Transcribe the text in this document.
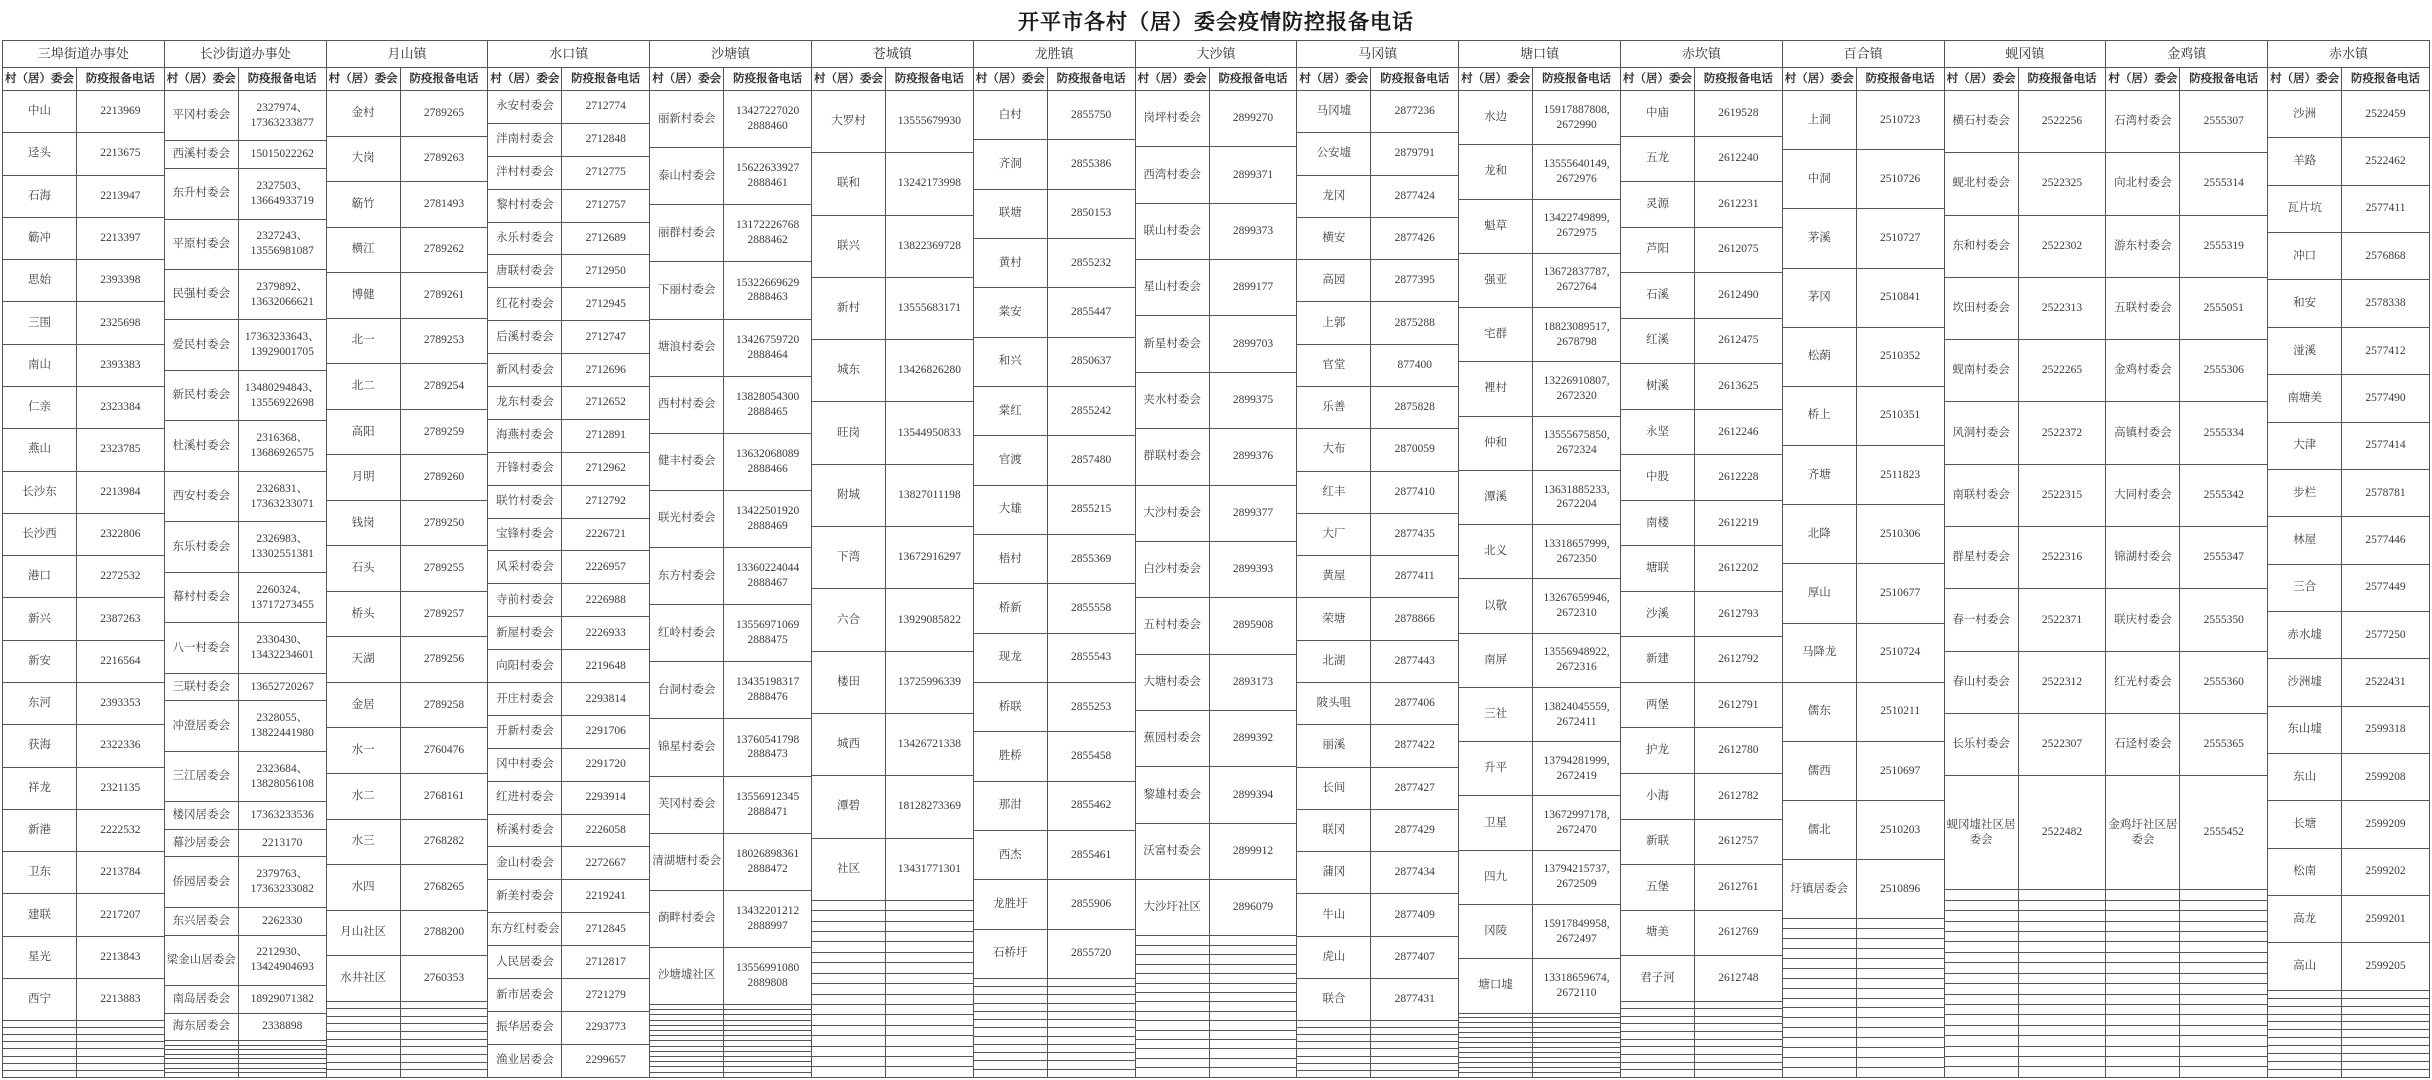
开平市各村（居）委会疫情防控报备电话
三埠街道办事处	
村（居）委会	防疫报备电话
中山	2213969
迳头	2213675
石海	2213947
簕冲	2213397
思始	2393398
三围	2325698
南山	2393383
仁亲	2323384
燕山	2323785
长沙东	2213984
长沙西	2322806
港口	2272532
新兴	2387263
新安	2216564
东河	2393353
获海	2322336
祥龙	2321135
新港	2222532
卫东	2213784
建联	2217207
星光	2213843
西宁	2213883

长沙街道办事处	
村（居）委会	防疫报备电话
平冈村委会	2327974、
17363233877
西溪村委会	15015022262
东升村委会	2327503、
13664933719
平原村委会	2327243、
13556981087
民强村委会	2379892、
13632066621
爱民村委会	17363233643、
13929001705
新民村委会	13480294843、
13556922698
杜溪村委会	2316368、
13686926575
西安村委会	2326831、
17363233071
东乐村委会	2326983、
13302551381
幕村村委会	2260324、
13717273455
八一村委会	2330430、
13432234601
三联村委会	13652720267
冲澄居委会	2328055、
13822441980
三江居委会	2323684、
13828056108
楼冈居委会	17363233536
幕沙居委会	2213170
侨园居委会	2379763、
17363233082
东兴居委会	2262330
梁金山居委会	2212930、
13424904693
南岛居委会	18929071382
海东居委会	2338898

月山镇	
村（居）委会	防疫报备电话
金村	2789265
大岗	2789263
簕竹	2781493
横江	2789262
博健	2789261
北一	2789253
北二	2789254
高阳	2789259
月明	2789260
钱岗	2789250
石头	2789255
桥头	2789257
天湖	2789256
金居	2789258
水一	2760476
水二	2768161
水三	2768282
水四	2768265
月山社区	2788200
水井社区	2760353

水口镇	
村（居）委会	防疫报备电话
永安村委会	2712774
泮南村委会	2712848
泮村村委会	2712775
黎村村委会	2712757
永乐村委会	2712689
唐联村委会	2712950
红花村委会	2712945
后溪村委会	2712747
新风村委会	2712696
龙东村委会	2712652
海燕村委会	2712891
开锋村委会	2712962
联竹村委会	2712792
宝锋村委会	2226721
风采村委会	2226957
寺前村委会	2226988
新屋村委会	2226933
向阳村委会	2219648
开庄村委会	2293814
开新村委会	2291706
冈中村委会	2291720
红进村委会	2293914
桥溪村委会	2226058
金山村委会	2272667
新美村委会	2219241
东方红村委会	2712845
人民居委会	2712817
新市居委会	2721279
振华居委会	2293773
渔业居委会	2299657
沙塘镇	
村（居）委会	防疫报备电话
丽新村委会	13427227020
2888460
泰山村委会	15622633927
2888461
丽群村委会	13172226768
2888462
下丽村委会	15322669629
2888463
塘浪村委会	13426759720
2888464
西村村委会	13828054300
2888465
健丰村委会	13632068089
2888466
联光村委会	13422501920
2888469
东方村委会	13360224044
2888467
红岭村委会	13556971069
2888475
台洞村委会	13435198317
2888476
锦星村委会	13760541798
2888473
芙冈村委会	13556912345
2888471
清湖塘村委会	18026898361
2888472
蓢畔村委会	13432201212
2888997
沙塘墟社区	13556991080
2889808

苍城镇	
村（居）委会	防疫报备电话
大罗村	13555679930
联和	13242173998
联兴	13822369728
新村	13555683171
城东	13426826280
旺岗	13544950833
附城	13827011198
下湾	13672916297
六合	13929085822
楼田	13725996339
城西	13426721338
潭碧	18128273369
社区	13431771301

龙胜镇	
村（居）委会	防疫报备电话
白村	2855750
齐洞	2855386
联塘	2850153
黄村	2855232
棠安	2855447
和兴	2850637
棠红	2855242
官渡	2857480
大雄	2855215
梧村	2855369
桥新	2855558
现龙	2855543
桥联	2855253
胜桥	2855458
那泔	2855462
西杰	2855461
龙胜圩	2855906
石桥圩	2855720

大沙镇	
村（居）委会	防疫报备电话
岗坪村委会	2899270
西湾村委会	2899371
联山村委会	2899373
星山村委会	2899177
新星村委会	2899703
夹水村委会	2899375
群联村委会	2899376
大沙村委会	2899377
白沙村委会	2899393
五村村委会	2895908
大塘村委会	2893173
蕉园村委会	2899392
黎雄村委会	2899394
沃富村委会	2899912
大沙圩社区	2896079

马冈镇	
村（居）委会	防疫报备电话
马冈墟	2877236
公安墟	2879791
龙冈	2877424
横安	2877426
高园	2877395
上郭	2875288
官堂	877400
乐善	2875828
大布	2870059
红丰	2877410
大厂	2877435
黄屋	2877411
荣塘	2878866
北湖	2877443
陂头咀	2877406
丽溪	2877422
长间	2877427
联冈	2877429
蒲冈	2877434
牛山	2877409
虎山	2877407
联合	2877431

塘口镇	
村（居）委会	防疫报备电话
水边	15917887808,
2672990
龙和	13555640149,
2672976
魁草	13422749899,
2672975
强亚	13672837787,
2672764
宅群	18823089517,
2678798
裡村	13226910807,
2672320
仲和	13555675850,
2672324
潭溪	13631885233,
2672204
北义	13318657999,
2672350
以敬	13267659946,
2672310
南屏	13556948922,
2672316
三社	13824045559,
2672411
升平	13794281999,
2672419
卫星	13672997178,
2672470
四九	13794215737,
2672509
冈陵	15917849958,
2672497
塘口墟	13318659674,
2672110

赤坎镇	
村（居）委会	防疫报备电话
中庙	2619528
五龙	2612240
灵源	2612231
芦阳	2612075
石溪	2612490
红溪	2612475
树溪	2613625
永坚	2612246
中股	2612228
南楼	2612219
塘联	2612202
沙溪	2612793
新建	2612792
两堡	2612791
护龙	2612780
小海	2612782
新联	2612757
五堡	2612761
塘美	2612769
君子河	2612748

百合镇	
村（居）委会	防疫报备电话
上洞	2510723
中洞	2510726
茅溪	2510727
茅冈	2510841
松蓢	2510352
桥上	2510351
齐塘	2511823
北降	2510306
厚山	2510677
马降龙	2510724
儒东	2510211
儒西	2510697
儒北	2510203
圩镇居委会	2510896

蚬冈镇	
村（居）委会	防疫报备电话
横石村委会	2522256
蚬北村委会	2522325
东和村委会	2522302
坎田村委会	2522313
蚬南村委会	2522265
风洞村委会	2522372
南联村委会	2522315
群星村委会	2522316
春一村委会	2522371
春山村委会	2522312
长乐村委会	2522307
蚬冈墟社区居委会	2522482

金鸡镇	
村（居）委会	防疫报备电话
石湾村委会	2555307
向北村委会	2555314
游东村委会	2555319
五联村委会	2555051
金鸡村委会	2555306
高镇村委会	2555334
大同村委会	2555342
锦湖村委会	2555347
联庆村委会	2555350
红光村委会	2555360
石迳村委会	2555365
金鸡圩社区居委会	2555452

赤水镇	
村（居）委会	防疫报备电话
沙洲	2522459
羊路	2522462
瓦片坑	2577411
冲口	2576868
和安	2578338
湴溪	2577412
南塘美	2577490
大津	2577414
步栏	2578781
林屋	2577446
三合	2577449
赤水墟	2577250
沙洲墟	2522431
东山墟	2599318
东山	2599208
长塘	2599209
松南	2599202
高龙	2599201
高山	2599205
